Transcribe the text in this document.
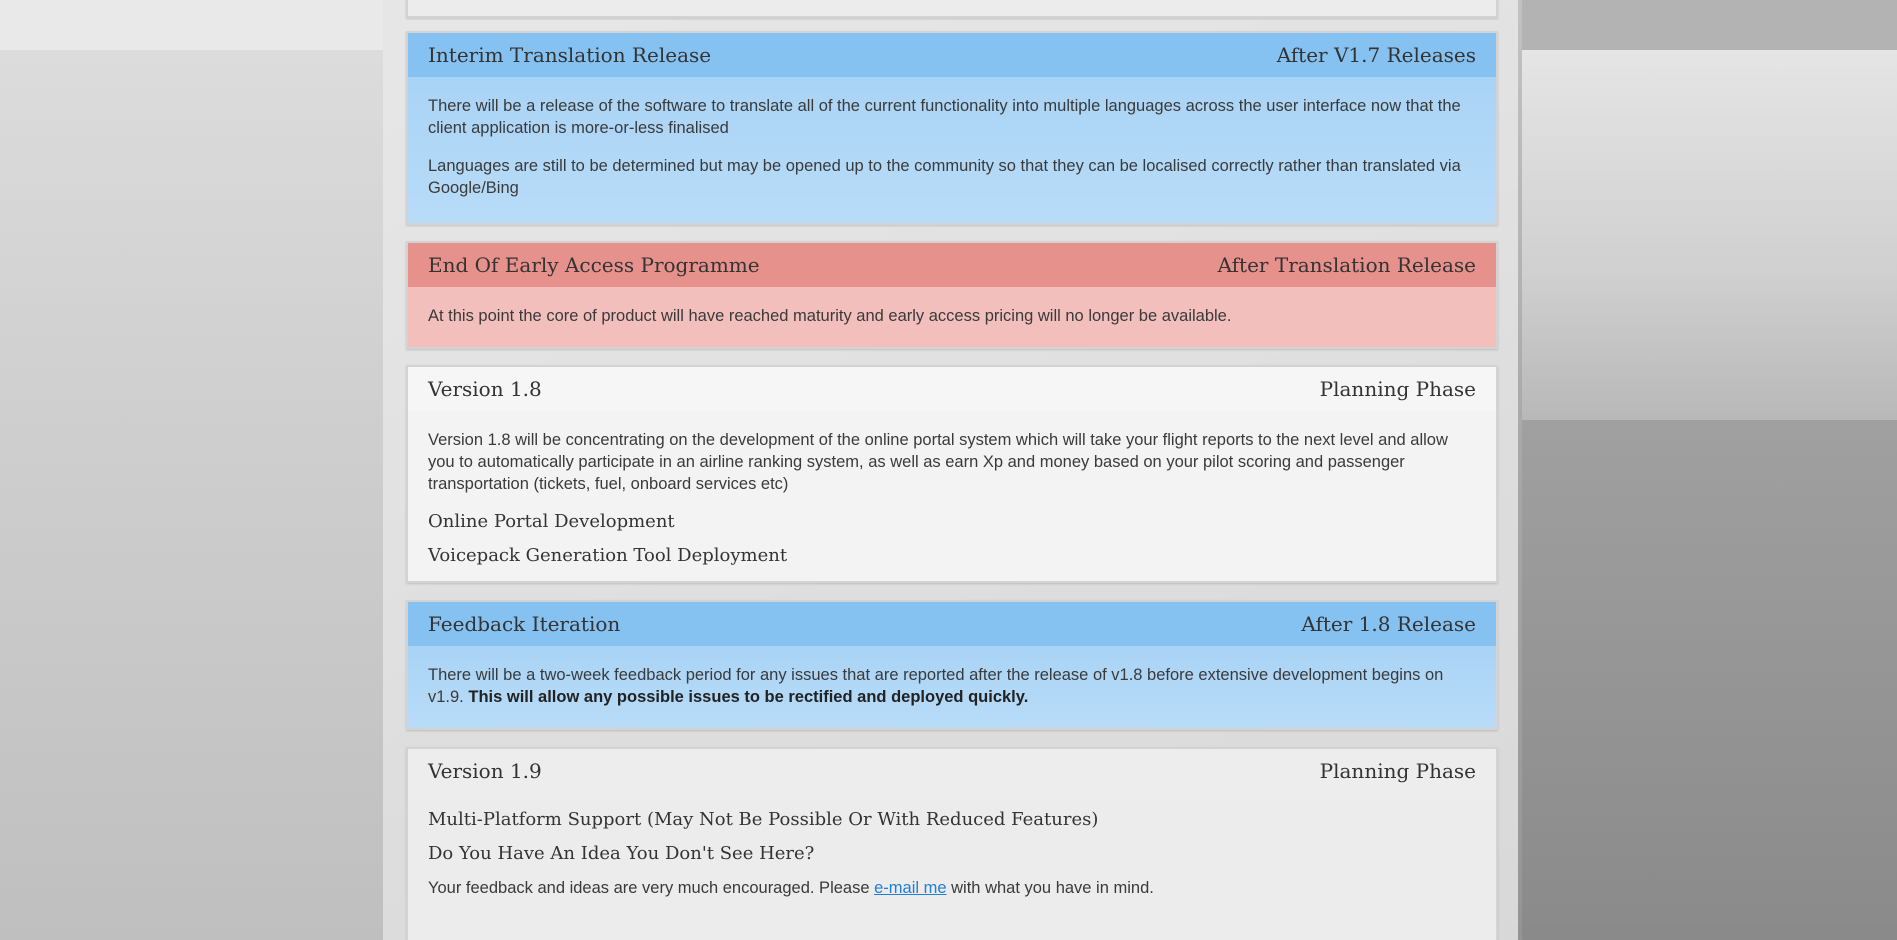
Interim Translation Release	After V1.7 Releases

There will be a release of the software to translate all of the current functionality into multiple languages across the user interface now that the client application is more-or-less finalised

Languages are still to be determined but may be opened up to the community so that they can be localised correctly rather than translated via Google/Bing

End Of Early Access Programme	After Translation Release

At this point the core of product will have reached maturity and early access pricing will no longer be available.

Version 1.8	Planning Phase

Version 1.8 will be concentrating on the development of the online portal system which will take your flight reports to the next level and allow you to automatically participate in an airline ranking system, as well as earn Xp and money based on your pilot scoring and passenger transportation (tickets, fuel, onboard services etc)

Online Portal Development
Voicepack Generation Tool Deployment
Feedback Iteration	After 1.8 Release

There will be a two-week feedback period for any issues that are reported after the release of v1.8 before extensive development begins on v1.9. This will allow any possible issues to be rectified and deployed quickly.

Version 1.9	Planning Phase
Multi-Platform Support (May Not Be Possible Or With Reduced Features)
Do You Have An Idea You Don't See Here?

Your feedback and ideas are very much encouraged. Please e-mail me with what you have in mind.
